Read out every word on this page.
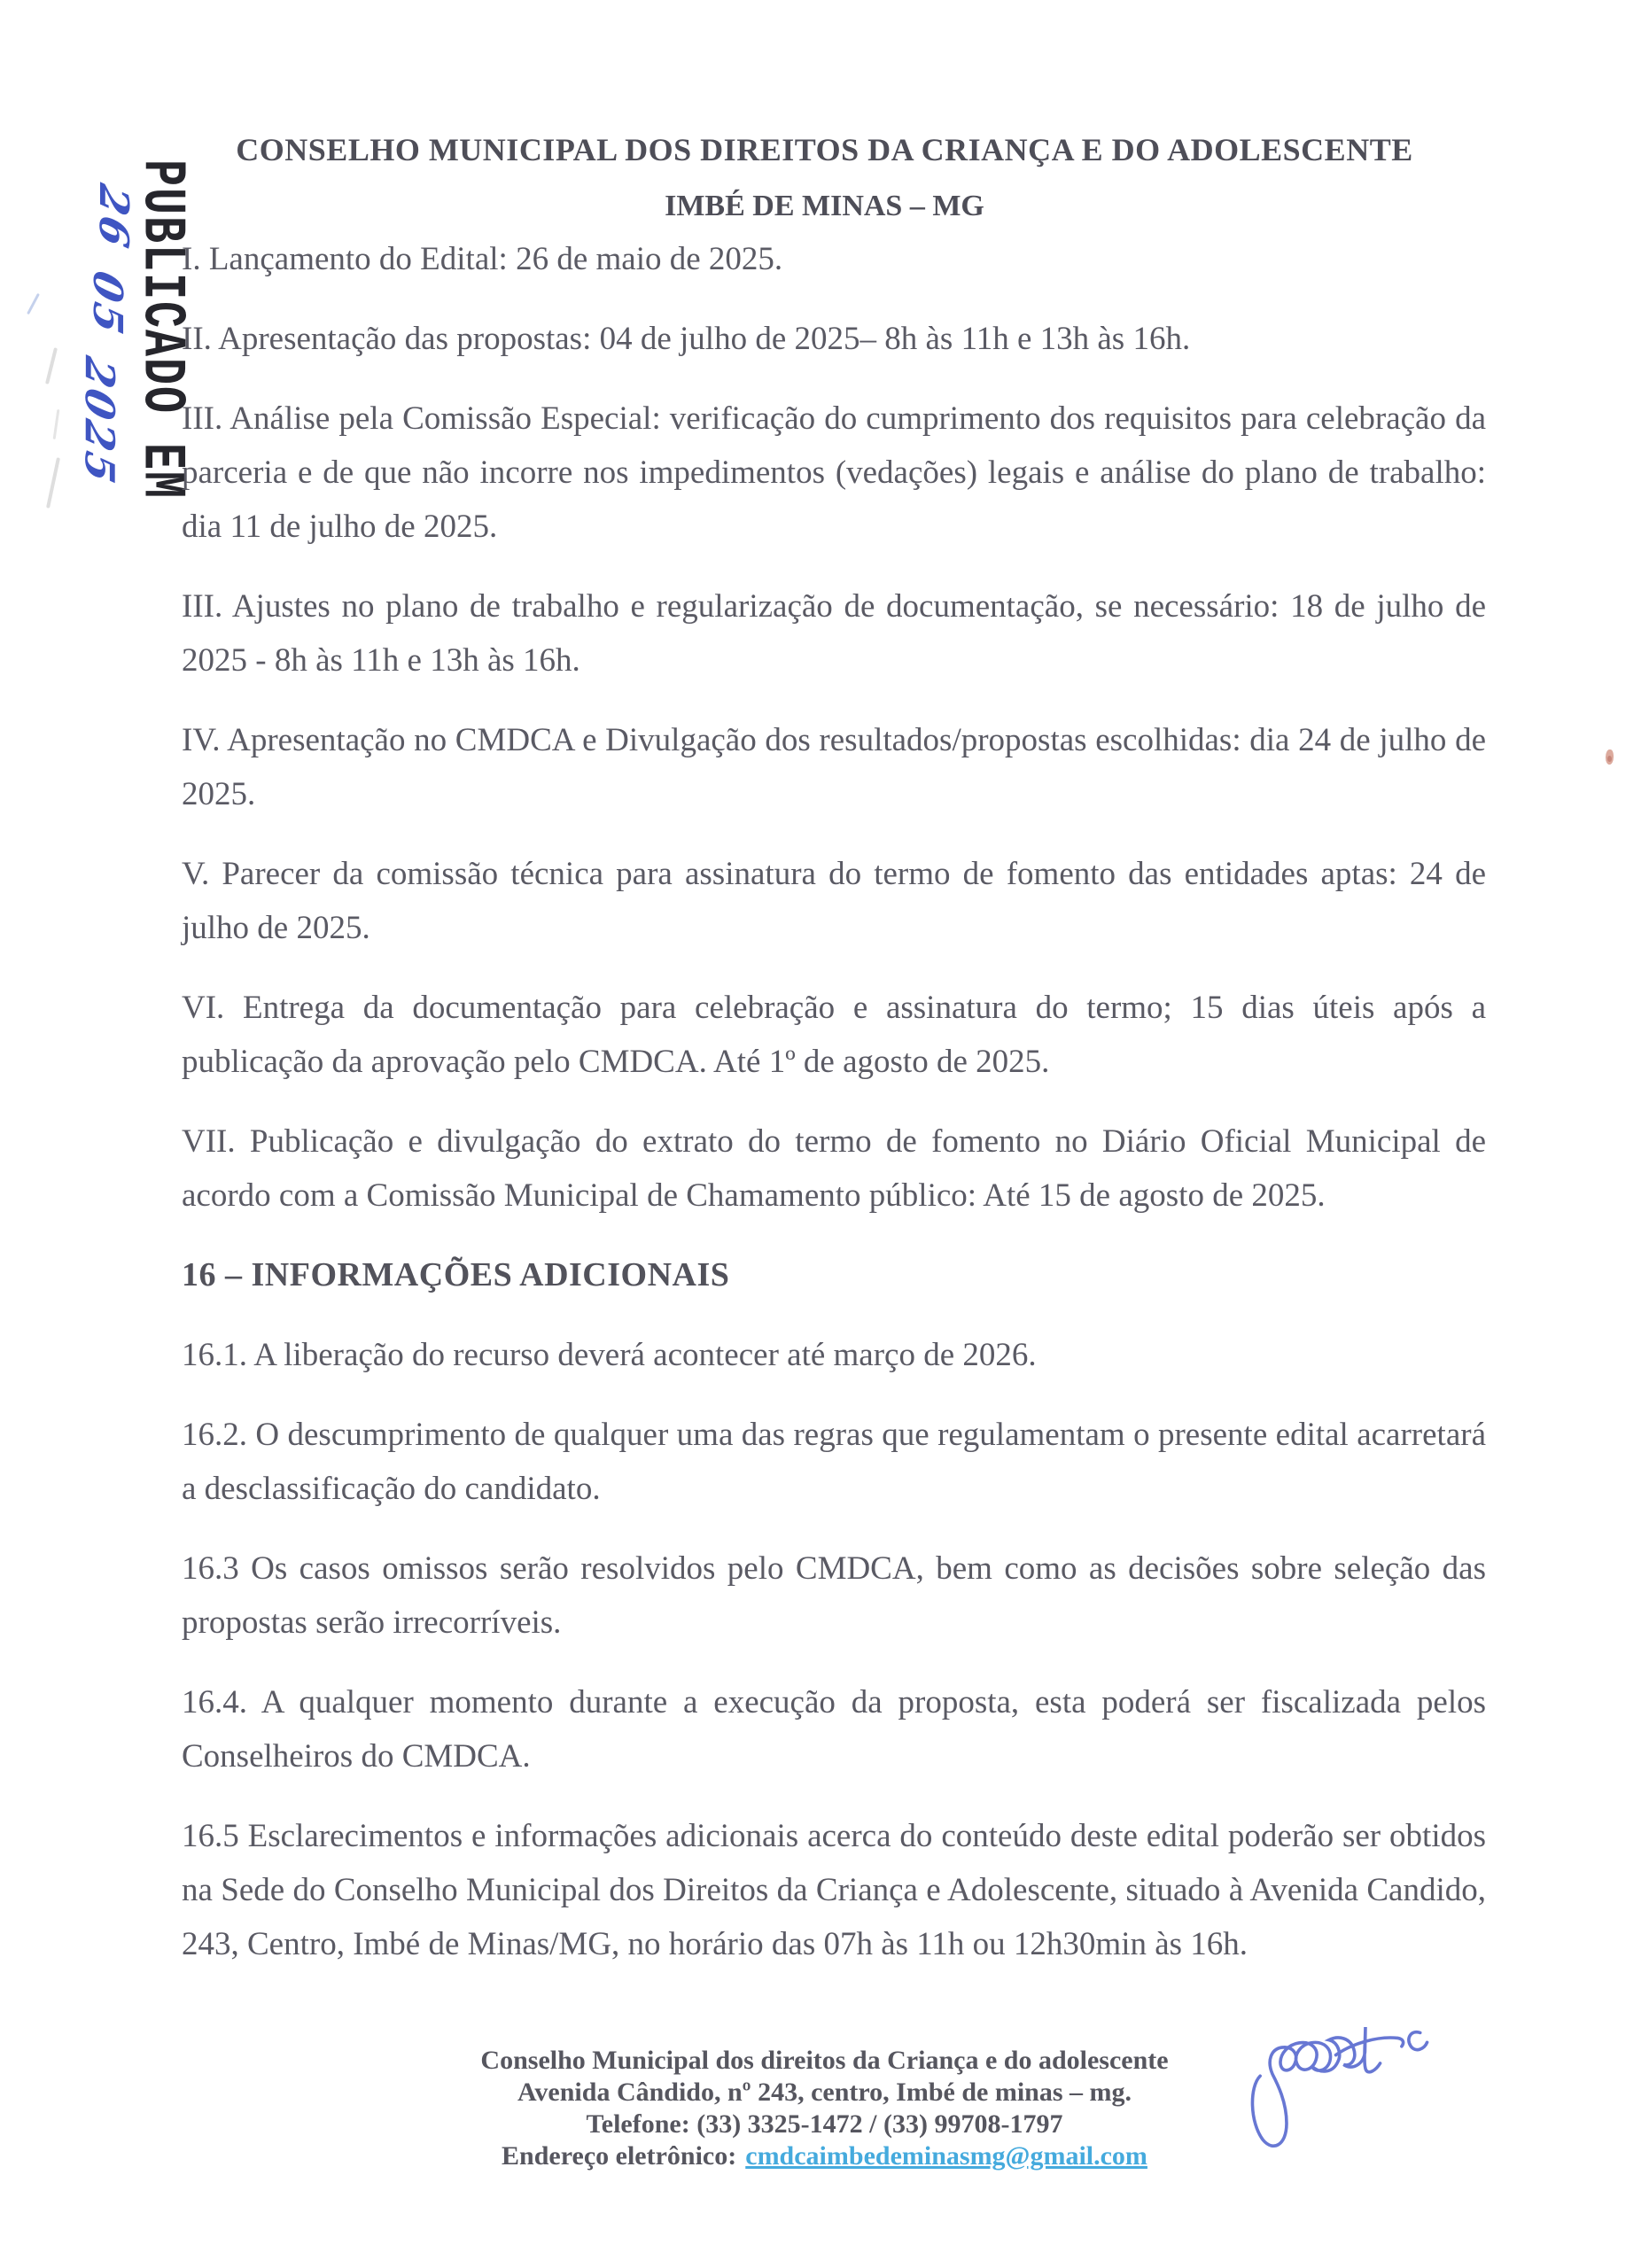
PUBLICADO EM
26
05
2025
CONSELHO MUNICIPAL DOS DIREITOS DA CRIANÇA E DO ADOLESCENTE
IMBÉ DE MINAS – MG

I. Lançamento do Edital: 26 de maio de 2025.

II. Apresentação das propostas: 04 de julho de 2025– 8h às 11h e 13h às 16h.

III. Análise pela Comissão Especial: verificação do cumprimento dos requisitos para celebração da parceria e de que não incorre nos impedimentos (vedações) legais e análise do plano de trabalho: dia 11 de julho de 2025.

III. Ajustes no plano de trabalho e regularização de documentação, se necessário: 18 de julho de 2025 - 8h às 11h e 13h às 16h.

IV. Apresentação no CMDCA e Divulgação dos resultados/propostas escolhidas: dia 24 de julho de 2025.

V. Parecer da comissão técnica para assinatura do termo de fomento das entidades aptas: 24 de julho de 2025.

VI. Entrega da documentação para celebração e assinatura do termo; 15 dias úteis após a publicação da aprovação pelo CMDCA. Até 1º de agosto de 2025.

VII. Publicação e divulgação do extrato do termo de fomento no Diário Oficial Municipal de acordo com a Comissão Municipal de Chamamento público: Até 15 de agosto de 2025.

16 – INFORMAÇÕES ADICIONAIS

16.1. A liberação do recurso deverá acontecer até março de 2026.

16.2. O descumprimento de qualquer uma das regras que regulamentam o presente edital acarretará a desclassificação do candidato.

16.3 Os casos omissos serão resolvidos pelo CMDCA, bem como as decisões sobre seleção das propostas serão irrecorríveis.

16.4. A qualquer momento durante a execução da proposta, esta poderá ser fiscalizada pelos Conselheiros do CMDCA.

16.5 Esclarecimentos e informações adicionais acerca do conteúdo deste edital poderão ser obtidos na Sede do Conselho Municipal dos Direitos da Criança e Adolescente, situado à Avenida Candido, 243, Centro, Imbé de Minas/MG, no horário das 07h às 11h ou 12h30min às 16h.

Conselho Municipal dos direitos da Criança e do adolescente
Avenida Cândido, nº 243, centro, Imbé de minas – mg.
Telefone: (33) 3325-1472 / (33) 99708-1797
Endereço eletrônico: cmdcaimbedeminasmg@gmail.com
